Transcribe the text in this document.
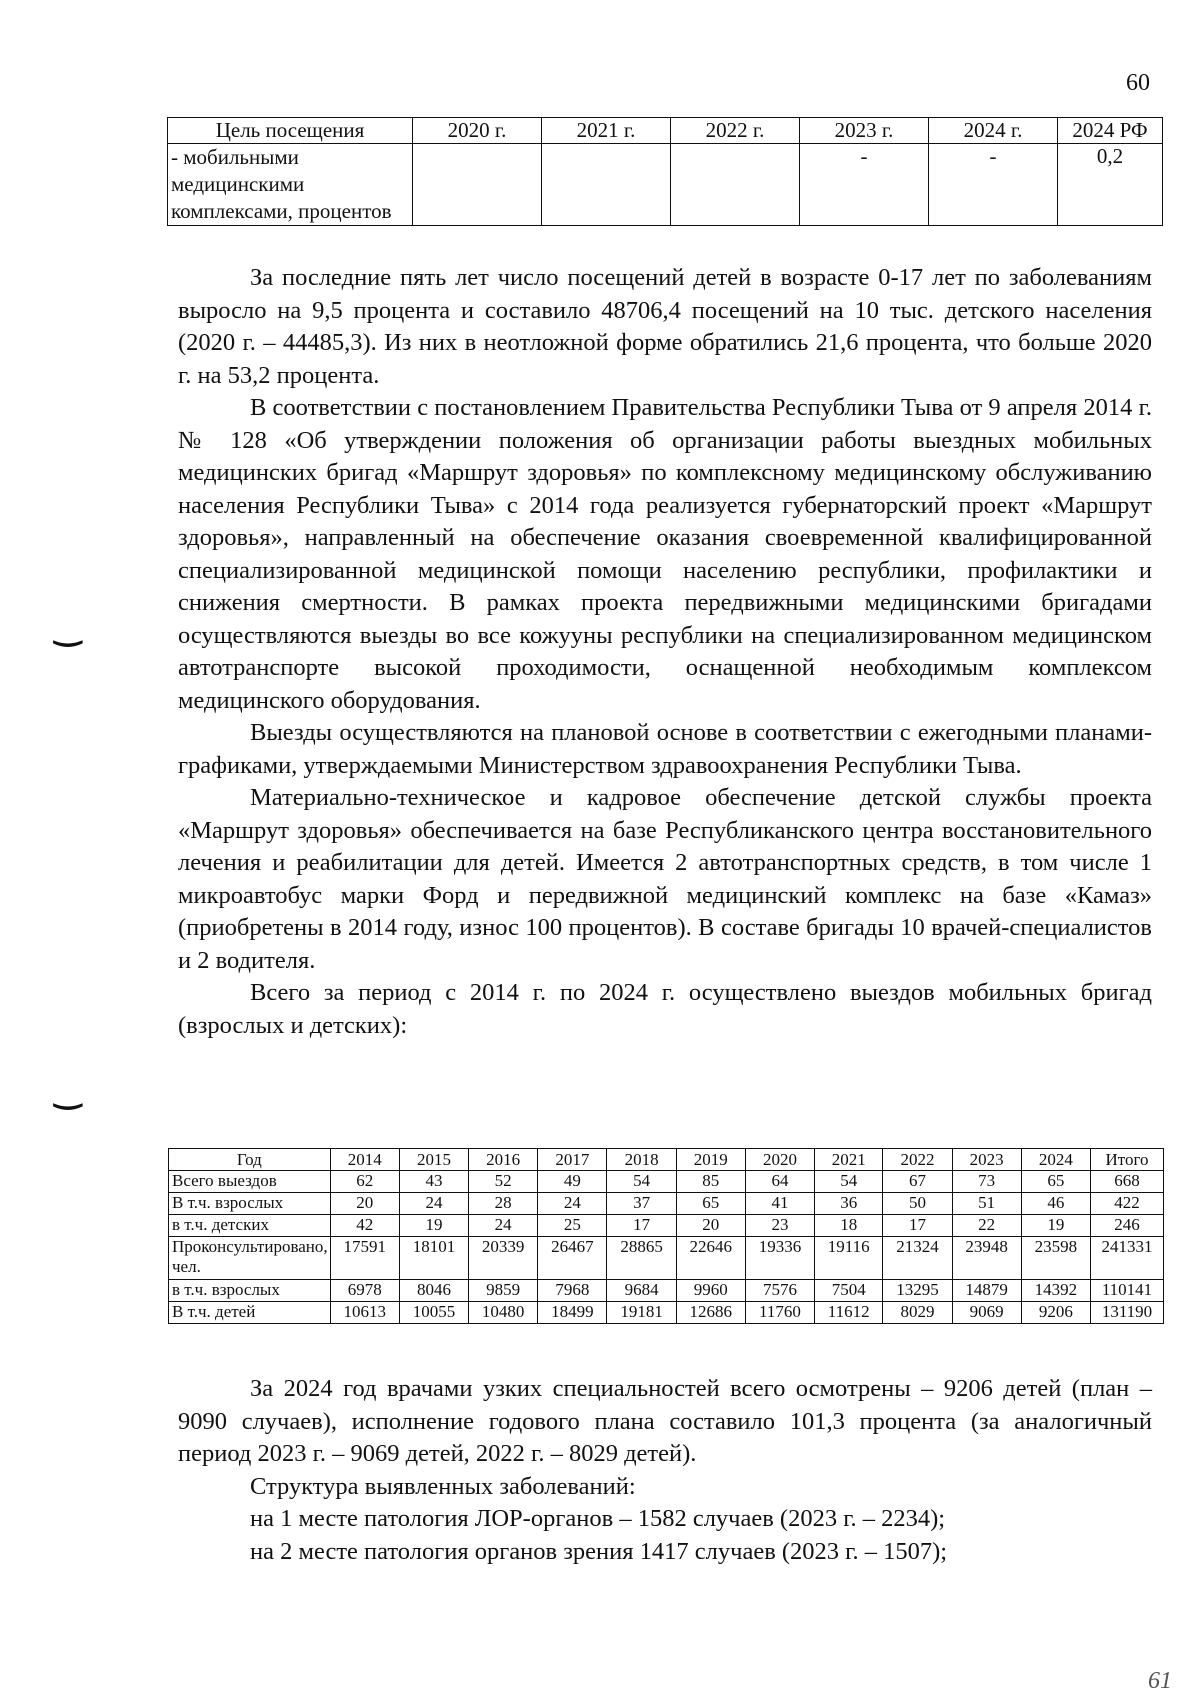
60
‿
‿
Цель посещения	2020 г.	2021 г.	2022 г.	2023 г.	2024 г.	2024 РФ
- мобильными медицинскими комплексами, процентов				-	-	0,2

За последние пять лет число посещений детей в возрасте 0-17 лет по заболеваниям выросло на 9,5 процента и составило 48706,4 посещений на 10 тыс. детского населения (2020 г. – 44485,3). Из них в неотложной форме обратились 21,6 процента, что больше 2020 г. на 53,2 процента.

В соответствии с постановлением Правительства Республики Тыва от 9 апреля 2014 г. № 128 «Об утверждении положения об организации работы выездных мобильных медицинских бригад «Маршрут здоровья» по комплексному медицинскому обслуживанию населения Республики Тыва» с 2014 года реализуется губернаторский проект «Маршрут здоровья», направленный на обеспечение оказания своевременной квалифицированной специализированной медицинской помощи населению республики, профилактики и снижения смертности. В рамках проекта передвижными медицинскими бригадами осуществляются выезды во все кожууны республики на специализированном медицинском автотранспорте высокой проходимости, оснащенной необходимым комплексом медицинского оборудования.

Выезды осуществляются на плановой основе в соответствии с ежегодными планами-графиками, утверждаемыми Министерством здравоохранения Республики Тыва.

Материально-техническое и кадровое обеспечение детской службы проекта «Маршрут здоровья» обеспечивается на базе Республиканского центра восстановительного лечения и реабилитации для детей. Имеется 2 автотранспортных средств, в том числе 1 микроавтобус марки Форд и передвижной медицинский комплекс на базе «Камаз» (приобретены в 2014 году, износ 100 процентов). В составе бригады 10 врачей-специалистов и 2 водителя.

Всего за период с 2014 г. по 2024 г. осуществлено выездов мобильных бригад (взрослых и детских):

Год	2014	2015	2016	2017	2018	2019	2020	2021	2022	2023	2024	Итого
Всего выездов	62	43	52	49	54	85	64	54	67	73	65	668
В т.ч. взрослых	20	24	28	24	37	65	41	36	50	51	46	422
в т.ч. детских	42	19	24	25	17	20	23	18	17	22	19	246
Проконсультировано, чел.	17591	18101	20339	26467	28865	22646	19336	19116	21324	23948	23598	241331
в т.ч. взрослых	6978	8046	9859	7968	9684	9960	7576	7504	13295	14879	14392	110141
В т.ч. детей	10613	10055	10480	18499	19181	12686	11760	11612	8029	9069	9206	131190

За 2024 год врачами узких специальностей всего осмотрены – 9206 детей (план – 9090 случаев), исполнение годового плана составило 101,3 процента (за аналогичный период 2023 г. – 9069 детей, 2022 г. – 8029 детей).

Структура выявленных заболеваний:

на 1 месте патология ЛОР-органов – 1582 случаев (2023 г. – 2234);

на 2 месте патология органов зрения 1417 случаев (2023 г. – 1507);

61
